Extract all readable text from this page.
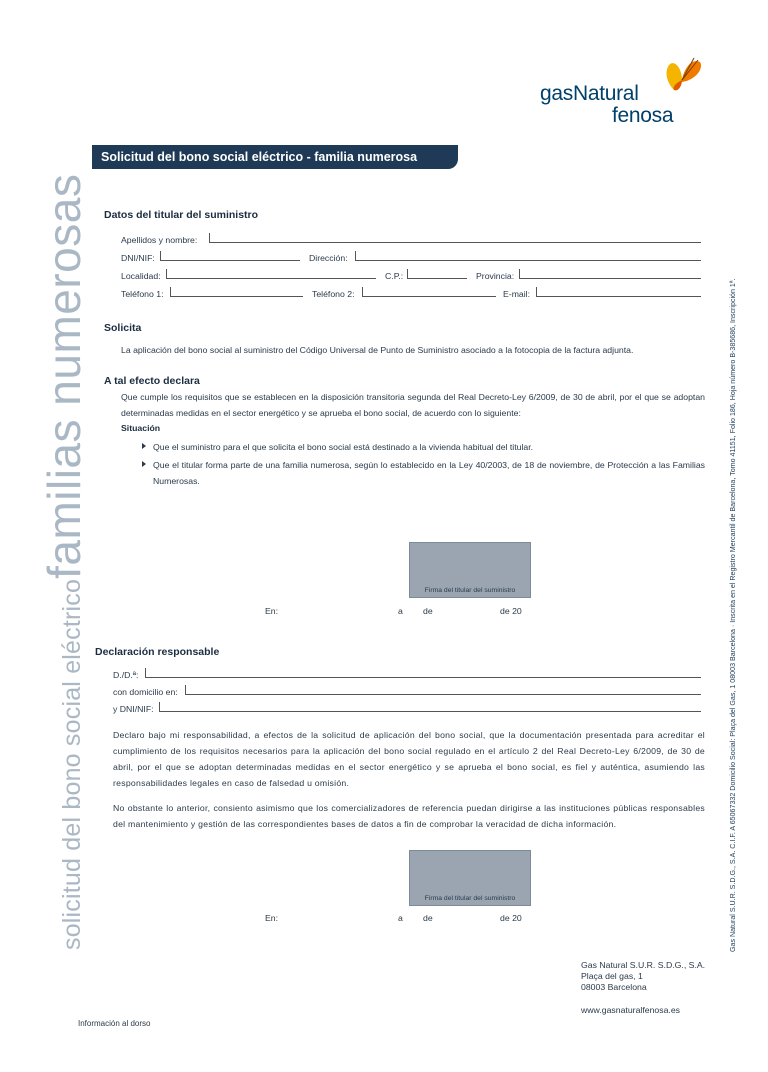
solicitud del bono social eléctricofamilias numerosas	Gas Natural S.U.R. S.D.G., S.A. C.I.F. A 65067332 Domicilio Social: Plaça del Gas, 1 08003 Barcelona · Inscrita en el Registro Mercantil de Barcelona, Tomo 41151, Folio 186, Hoja número B-385686, Inscripción 1ª.
gasNatural
fenosa
Solicitud del bono social eléctrico - familia numerosa
Datos del titular del suministro
Apellidos y nombre:
DNI/NIF:	Dirección:
Localidad:	C.P.:	Provincia:
Teléfono 1:	Teléfono 2:	E-mail:
Solicita
La aplicación del bono social al suministro del Código Universal de Punto de Suministro asociado a la fotocopia de la factura adjunta.
A tal efecto declara
Que cumple los requisitos que se establecen en la disposición transitoria segunda del Real Decreto-Ley 6/2009, de 30 de abril, por el que se adoptan determinadas medidas en el sector energético y se aprueba el bono social, de acuerdo con lo siguiente:
Situación
Que el suministro para el que solicita el bono social está destinado a la vivienda habitual del titular.
Que el titular forma parte de una familia numerosa, según lo establecido en la Ley 40/2003, de 18 de noviembre, de Protección a las Familias Numerosas.
Firma del titular del suministro
En:	a de	de 20
Declaración responsable
D./D.ª:
con domicilio en:
y DNI/NIF:
Declaro bajo mi responsabilidad, a efectos de la solicitud de aplicación del bono social, que la documentación presentada para acreditar el cumplimiento de los requisitos necesarios para la aplicación del bono social regulado en el artículo 2 del Real Decreto-Ley 6/2009, de 30 de abril, por el que se adoptan determinadas medidas en el sector energético y se aprueba el bono social, es fiel y auténtica, asumiendo las responsabilidades legales en caso de falsedad u omisión.
No obstante lo anterior, consiento asimismo que los comercializadores de referencia puedan dirigirse a las instituciones públicas responsables del mantenimiento y gestión de las correspondientes bases de datos a fin de comprobar la veracidad de dicha información.
Firma del titular del suministro
En:	a de	de 20
Gas Natural S.U.R. S.D.G., S.A.
Plaça del gas, 1
08003 Barcelona
www.gasnaturalfenosa.es
Información al dorso
